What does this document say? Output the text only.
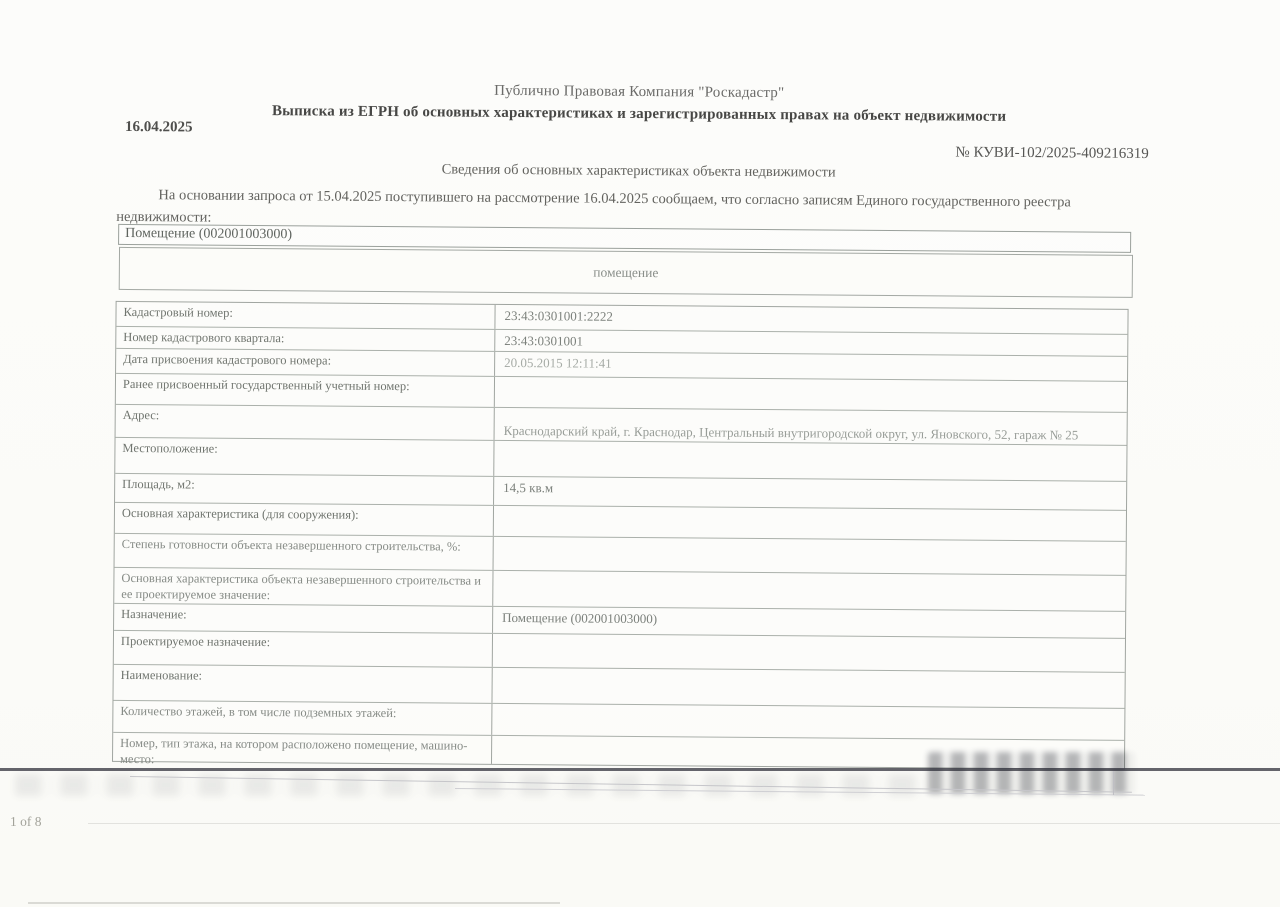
Публично Правовая Компания "Роскадастр"
Выписка из ЕГРН об основных характеристиках и зарегистрированных правах на объект недвижимости
16.04.2025
№ КУВИ-102/2025-409216319
Сведения об основных характеристиках объекта недвижимости
На основании запроса от 15.04.2025 поступившего на рассмотрение 16.04.2025 сообщаем, что согласно записям Единого государственного реестра недвижимости:
Помещение (002001003000)
помещение
Кадастровый номер:	23:43:0301001:2222
Номер кадастрового квартала:	23:43:0301001
Дата присвоения кадастрового номера:	20.05.2015 12:11:41
Ранее присвоенный государственный учетный номер:
Адрес:
Краснодарский край, г. Краснодар, Центральный внутригородской округ, ул. Яновского, 52, гараж № 25
Местоположение:
Площадь, м2:	14,5 кв.м
Основная характеристика (для сооружения):
Степень готовности объекта незавершенного строительства, %:
Основная характеристика объекта незавершенного строительства и ее проектируемое значение:
Назначение:	Помещение (002001003000)
Проектируемое назначение:
Наименование:
Количество этажей, в том числе подземных этажей:
Номер, тип этажа, на котором расположено помещение, машино-место:
1 of 8
